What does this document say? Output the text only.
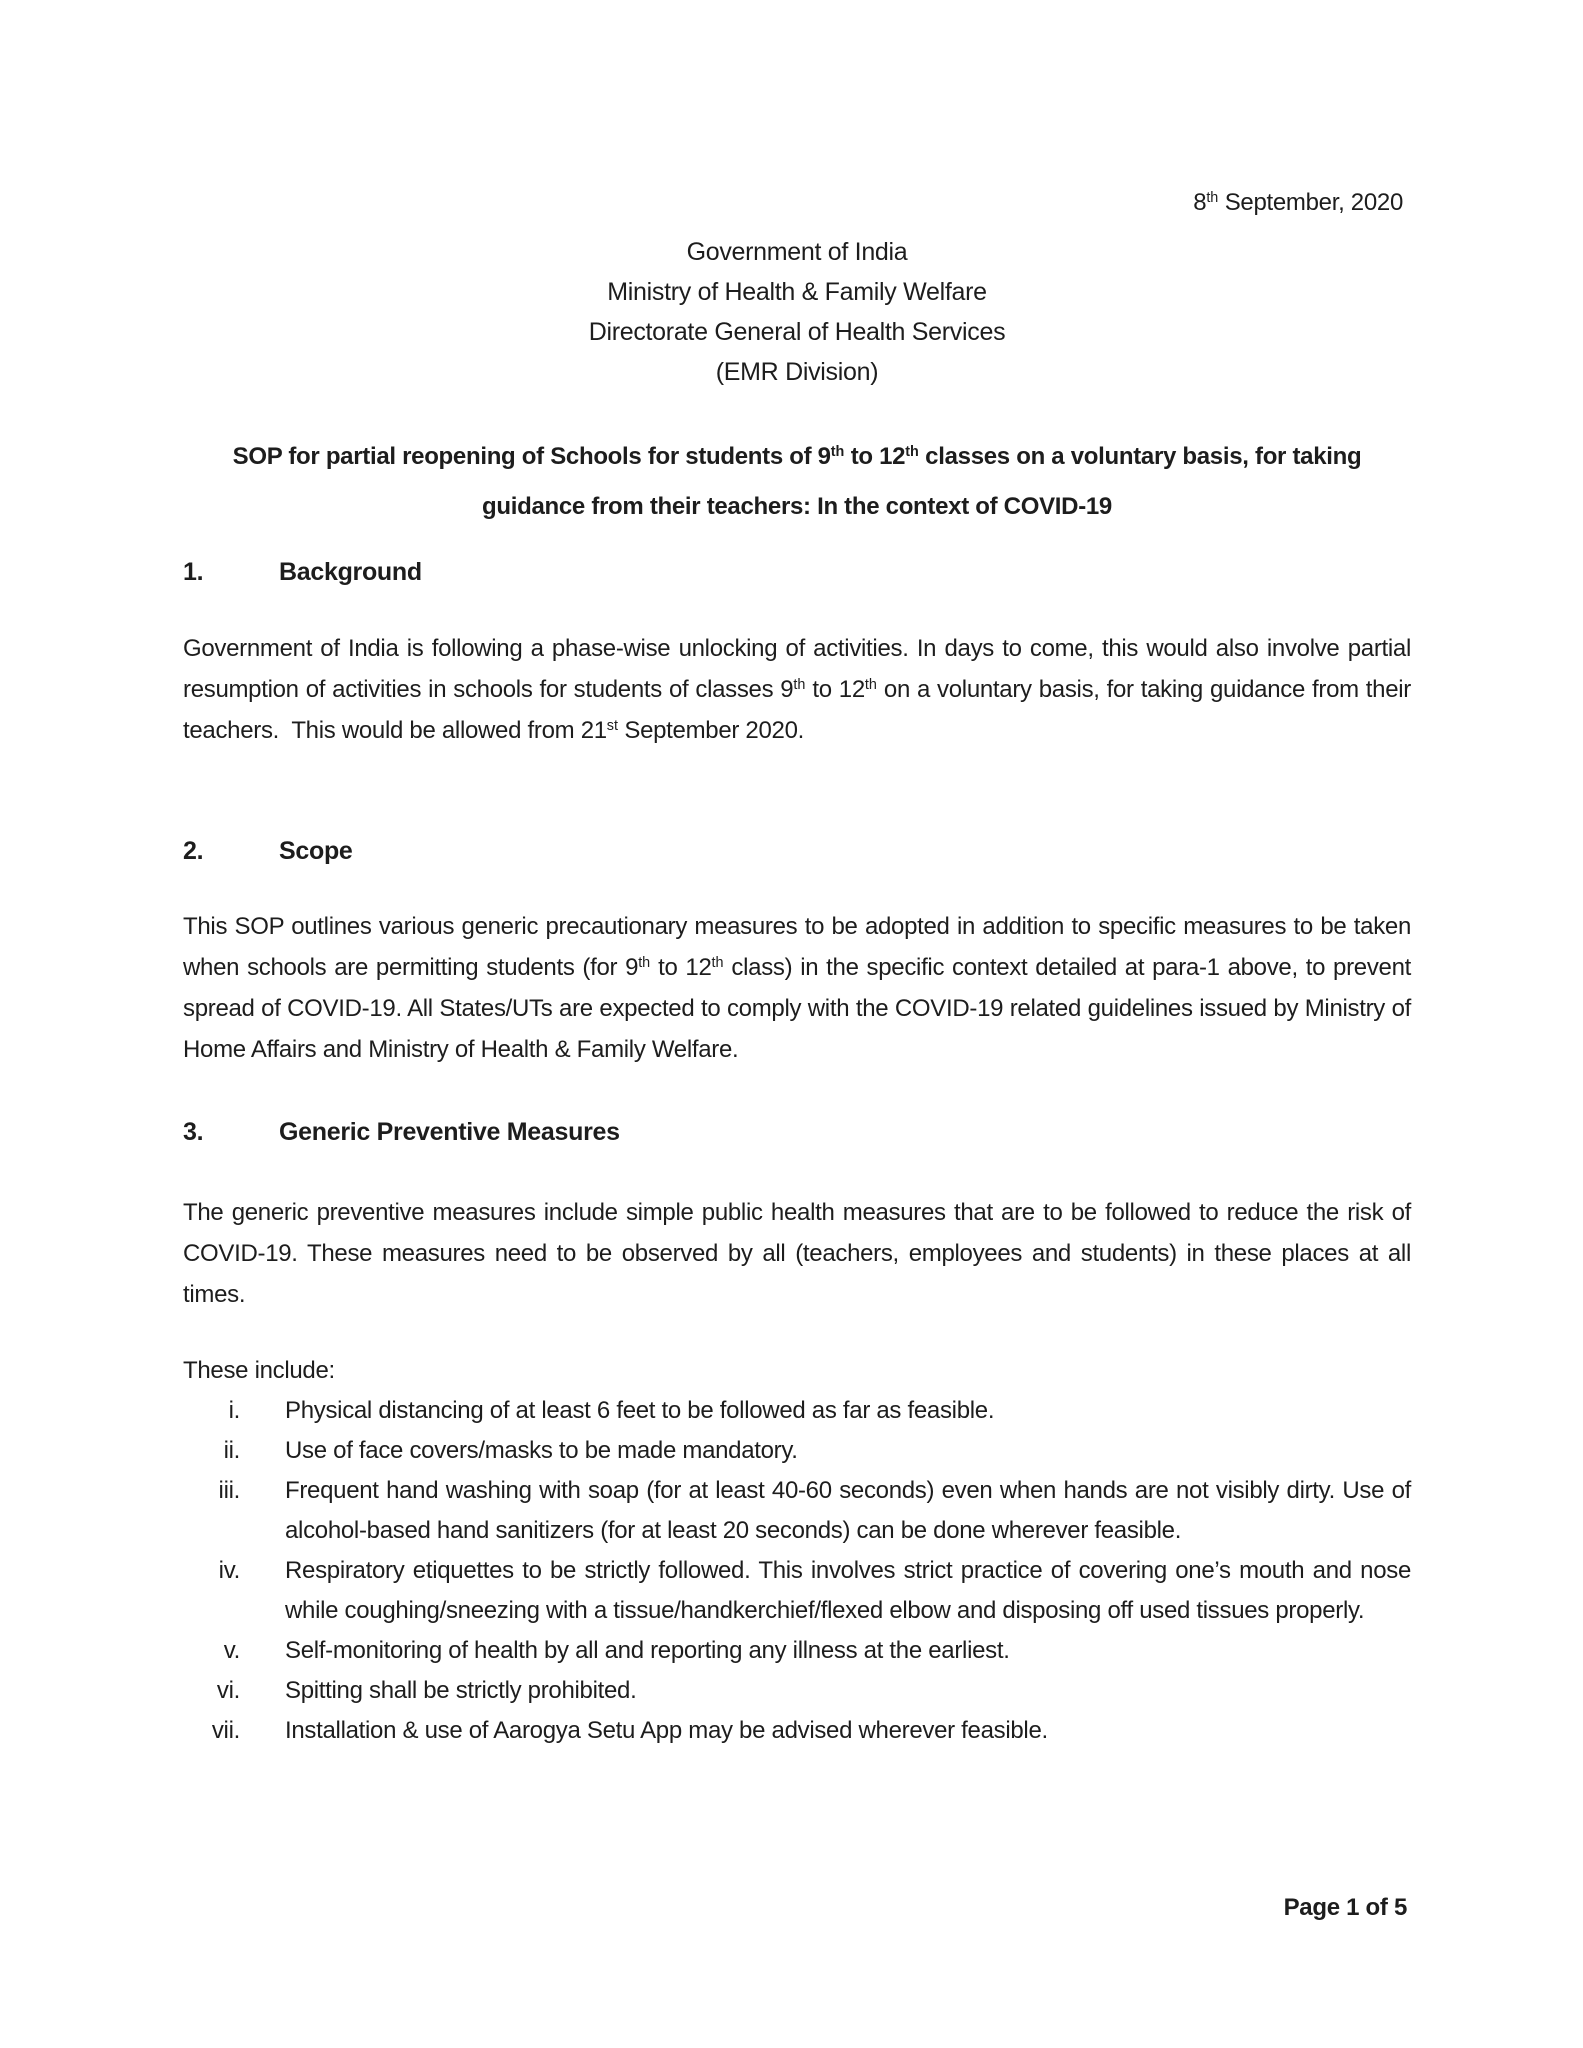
8th September, 2020
Government of India
Ministry of Health & Family Welfare
Directorate General of Health Services
(EMR Division)
SOP for partial reopening of Schools for students of 9th to 12th classes on a voluntary basis, for taking
guidance from their teachers: In the context of COVID-19
1.	Background
Government of India is following a phase-wise unlocking of activities. In days to come, this would also involve partial resumption of activities in schools for students of classes 9th to 12th on a voluntary basis, for taking guidance from their teachers.  This would be allowed from 21st September 2020.
2.	Scope
This SOP outlines various generic precautionary measures to be adopted in addition to specific measures to be taken when schools are permitting students (for 9th to 12th class) in the specific context detailed at para-1 above, to prevent spread of COVID-19. All States/UTs are expected to comply with the COVID-19 related guidelines issued by Ministry of Home Affairs and Ministry of Health & Family Welfare.
3.	Generic Preventive Measures
The generic preventive measures include simple public health measures that are to be followed to reduce the risk of COVID-19. These measures need to be observed by all (teachers, employees and students) in these places at all times.
These include:
i. Physical distancing of at least 6 feet to be followed as far as feasible.
ii. Use of face covers/masks to be made mandatory.
iii. Frequent hand washing with soap (for at least 40-60 seconds) even when hands are not visibly dirty. Use of alcohol-based hand sanitizers (for at least 20 seconds) can be done wherever feasible.
iv. Respiratory etiquettes to be strictly followed. This involves strict practice of covering one’s mouth and nose while coughing/sneezing with a tissue/handkerchief/flexed elbow and disposing off used tissues properly.
v. Self-monitoring of health by all and reporting any illness at the earliest.
vi. Spitting shall be strictly prohibited.
vii. Installation & use of Aarogya Setu App may be advised wherever feasible.
Page 1 of 5
